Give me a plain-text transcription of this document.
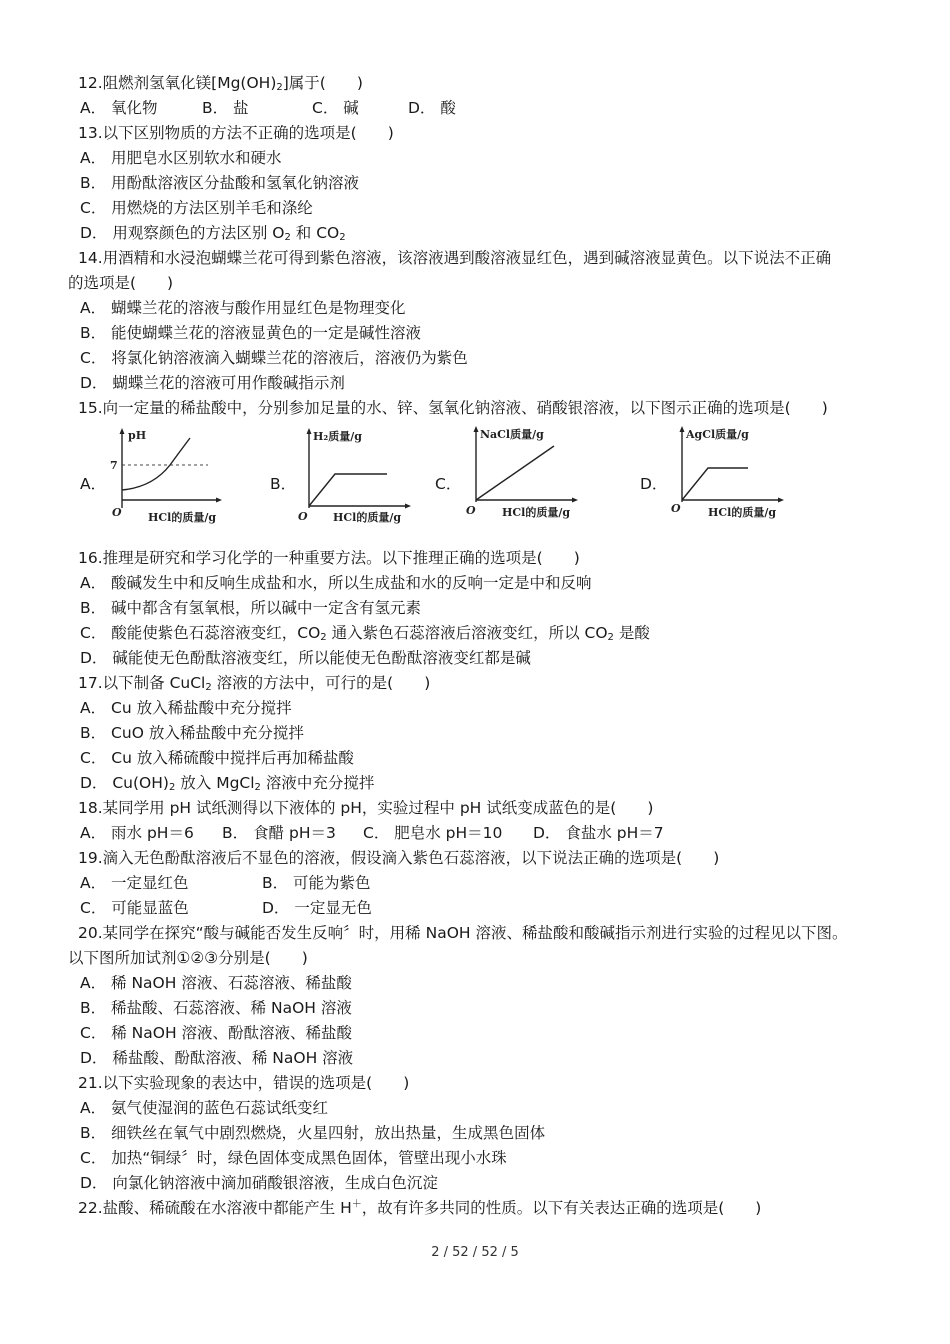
12.阻燃剂氢氧化镁$[Mg(OH)_2]$属于(　　)
A． 氧化物	B． 盐	C． 碱	D． 酸
13.以下区别物质的方法不正确的选项是(　　)
A． 用肥皂水区别软水和硬水
B． 用酚酞溶液区分盐酸和氢氧化钠溶液
C． 用燃烧的方法区别羊毛和涤纶
D． 用观察颜色的方法区别 $O_2$ 和 $CO_2$
14.用酒精和水浸泡蝴蝶兰花可得到紫色溶液，该溶液遇到酸溶液显红色，遇到碱溶液显黄色。以下说法不正确
的选项是(　　)
A． 蝴蝶兰花的溶液与酸作用显红色是物理变化
B． 能使蝴蝶兰花的溶液显黄色的一定是碱性溶液
C． 将氯化钠溶液滴入蝴蝶兰花的溶液后，溶液仍为紫色
D． 蝴蝶兰花的溶液可用作酸碱指示剂
15.向一定量的稀盐酸中，分别参加足量的水、锌、氢氧化钠溶液、硝酸银溶液，以下图示正确的选项是(　　)
A．
pH
7
O HCl的质量/g
B．
H₂质量/g
O HCl的质量/g
C．
NaCl质量/g
O HCl的质量/g
D．
AgCl质量/g
O HCl的质量/g
16.推理是研究和学习化学的一种重要方法。以下推理正确的选项是(　　)
A． 酸碱发生中和反响生成盐和水，所以生成盐和水的反响一定是中和反响
B． 碱中都含有氢氧根，所以碱中一定含有氢元素
C． 酸能使紫色石蕊溶液变红，$CO_2$ 通入紫色石蕊溶液后溶液变红，所以 $CO_2$ 是酸
D． 碱能使无色酚酞溶液变红，所以能使无色酚酞溶液变红都是碱
17.以下制备 CuCl$_2$ 溶液的方法中，可行的是(　　)
A． Cu 放入稀盐酸中充分搅拌
B． CuO 放入稀盐酸中充分搅拌
C． Cu 放入稀硫酸中搅拌后再加稀盐酸
D． $Cu(OH)_2$ 放入 MgCl$_2$ 溶液中充分搅拌
18.某同学用 pH 试纸测得以下液体的 pH，实验过程中 pH 试纸变成蓝色的是(　　)
A． 雨水 pH＝6 B． 食醋 pH＝3 C． 肥皂水 pH＝10 D． 食盐水 pH＝7
19.滴入无色酚酞溶液后不显色的溶液，假设滴入紫色石蕊溶液，以下说法正确的选项是(　　)
A． 一定显红色	B． 可能为紫色
C． 可能显蓝色	D． 一定显无色
20.某同学在探究“酸与碱能否发生反响〞时，用稀 NaOH 溶液、稀盐酸和酸碱指示剂进行实验的过程见以下图。
以下图所加试剂①②③分别是(　　)
A． 稀 NaOH 溶液、石蕊溶液、稀盐酸
B． 稀盐酸、石蕊溶液、稀 NaOH 溶液
C． 稀 NaOH 溶液、酚酞溶液、稀盐酸
D． 稀盐酸、酚酞溶液、稀 NaOH 溶液
21.以下实验现象的表达中，错误的选项是(　　)
A． 氨气使湿润的蓝色石蕊试纸变红
B． 细铁丝在氧气中剧烈燃烧，火星四射，放出热量，生成黑色固体
C． 加热“铜绿〞时，绿色固体变成黑色固体，管壁出现小水珠
D． 向氯化钠溶液中滴加硝酸银溶液，生成白色沉淀
22.盐酸、稀硫酸在水溶液中都能产生 H＋，故有许多共同的性质。以下有关表达正确的选项是(　　)
2 / 52 / 52 / 5
